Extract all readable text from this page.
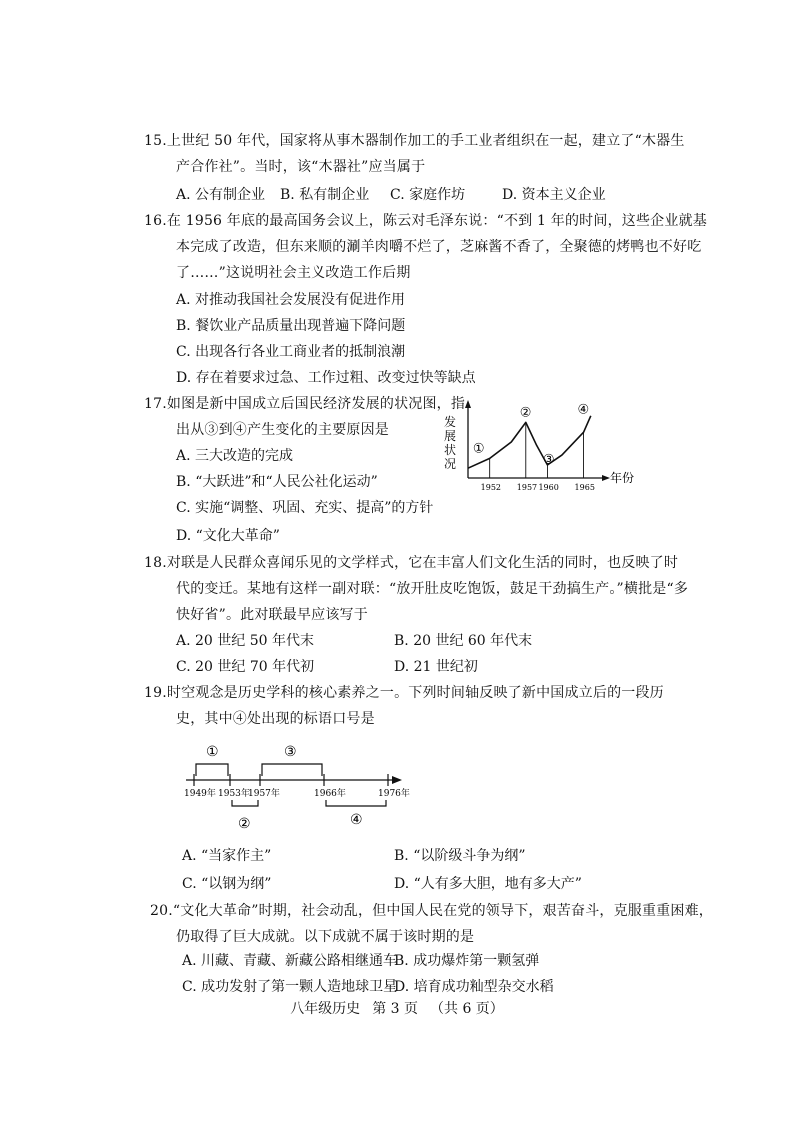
15.上世纪 50 年代，国家将从事木器制作加工的手工业者组织在一起，建立了“木器生
产合作社”。当时，该“木器社”应当属于
A. 公有制企业 B. 私有制企业 C. 家庭作坊	D. 资本主义企业
16.在 1956 年底的最高国务会议上，陈云对毛泽东说：“不到 1 年的时间，这些企业就基
本完成了改造，但东来顺的涮羊肉嚼不烂了，芝麻酱不香了，全聚德的烤鸭也不好吃
了……”这说明社会主义改造工作后期
A. 对推动我国社会发展没有促进作用
B. 餐饮业产品质量出现普遍下降问题
C. 出现各行各业工商业者的抵制浪潮
D. 存在着要求过急、工作过粗、改变过快等缺点
17.如图是新中国成立后国民经济发展的状况图，指
出从③到④产生变化的主要原因是
A. 三大改造的完成
B. “大跃进”和“人民公社化运动”
C. 实施“调整、巩固、充实、提高”的方针
D. “文化大革命”
发
展
状
况
年份
1952 1957 1960 1965
①
②
③
④
18.对联是人民群众喜闻乐见的文学样式，它在丰富人们文化生活的同时，也反映了时
代的变迁。某地有这样一副对联：“放开肚皮吃饱饭，鼓足干劲搞生产。”横批是“多
快好省”。此对联最早应该写于
A. 20 世纪 50 年代末	B. 20 世纪 60 年代末
C. 20 世纪 70 年代初	D. 21 世纪初
19.时空观念是历史学科的核心素养之一。下列时间轴反映了新中国成立后的一段历
史，其中④处出现的标语口号是
1949年 1953年
1957年	1966年	1976年
①	③
②	④
A. “当家作主”	B. “以阶级斗争为纲”
C. “以钢为纲”	D. “人有多大胆，地有多大产”
20.“文化大革命”时期，社会动乱，但中国人民在党的领导下，艰苦奋斗，克服重重困难，
仍取得了巨大成就。以下成就不属于该时期的是
A. 川藏、青藏、新藏公路相继通车
B. 成功爆炸第一颗氢弹
C. 成功发射了第一颗人造地球卫星
D. 培育成功籼型杂交水稻
八年级历史 第 3 页 （共 6 页）
